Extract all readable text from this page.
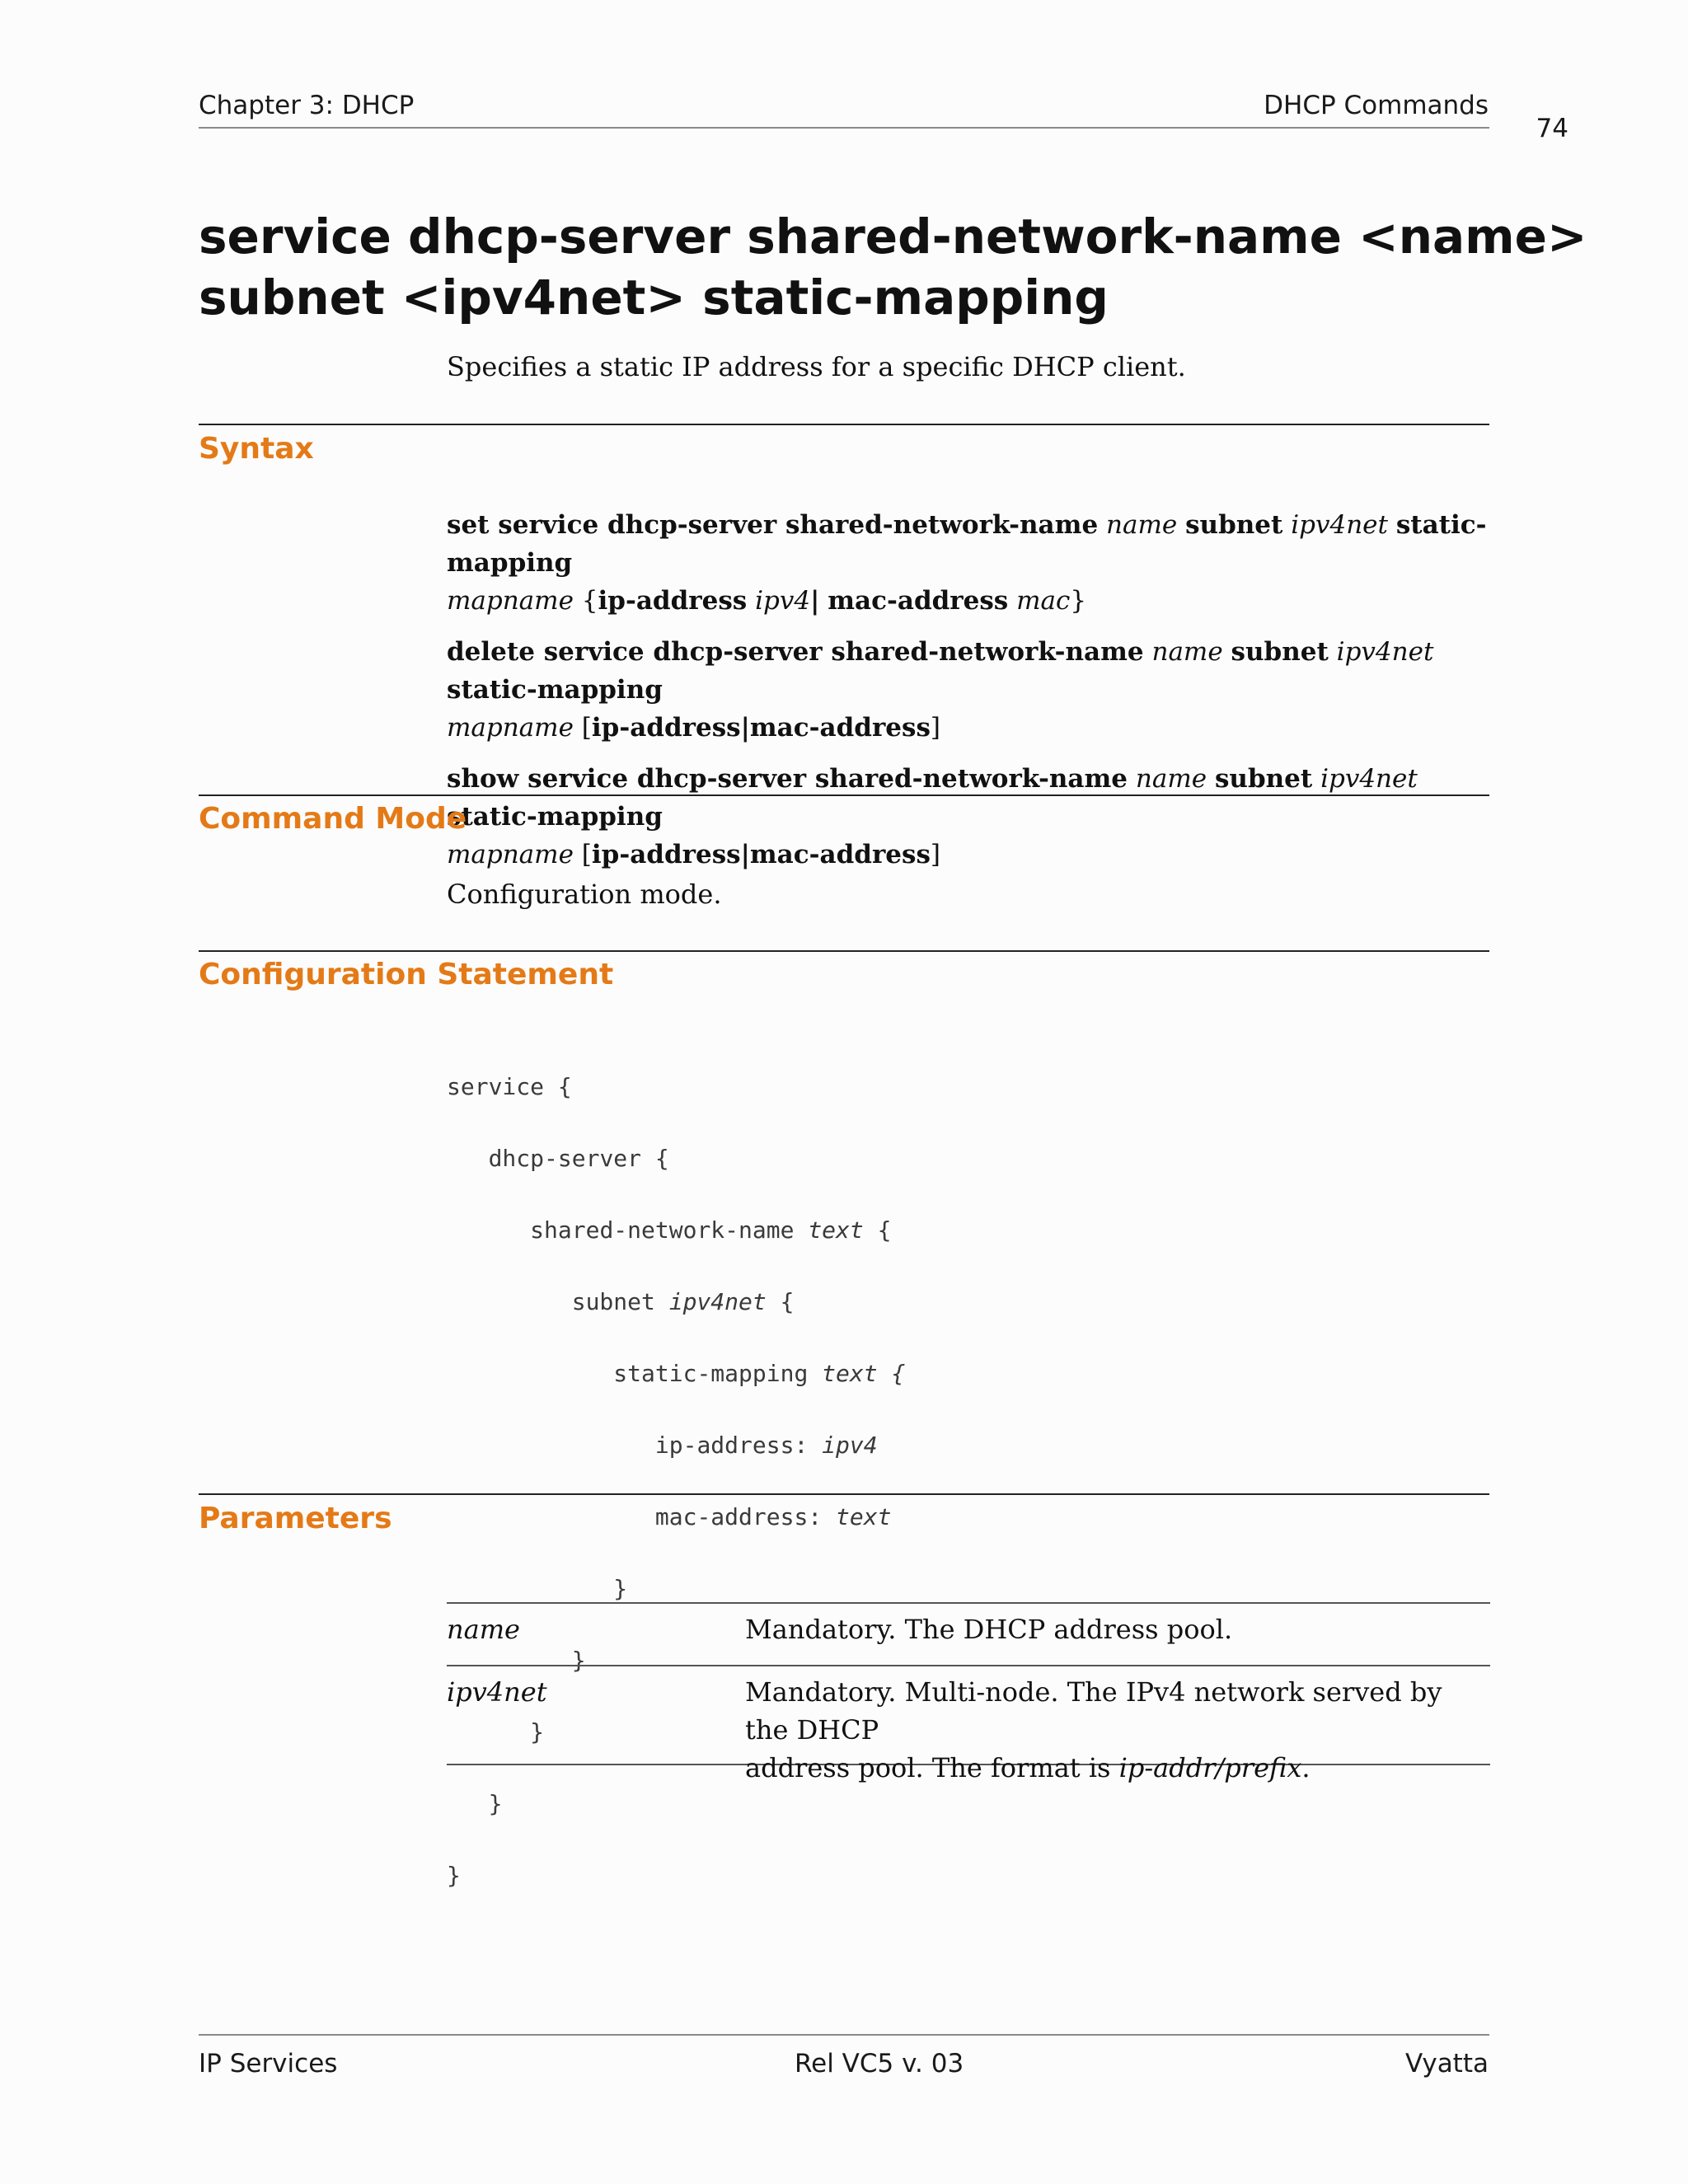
Chapter 3: DHCP	DHCP Commands
74
service dhcp-server shared-network-name <name>
subnet <ipv4net> static-mapping
Specifies a static IP address for a specific DHCP client.
Syntax

set service dhcp-server shared-network-name name subnet ipv4net static-mapping
mapname {ip-address ipv4| mac-address mac}

delete service dhcp-server shared-network-name name subnet ipv4net static-mapping
mapname [ip-address|mac-address]

show service dhcp-server shared-network-name name subnet ipv4net static-mapping
mapname [ip-address|mac-address]

Command Mode
Configuration mode.
Configuration Statement

service {

dhcp-server {

shared-network-name text {

subnet ipv4net {

static-mapping text {

ip-address: ipv4

mac-address: text

}

}

}

}

}

Parameters
name	Mandatory. The DHCP address pool.
ipv4net	Mandatory. Multi-node. The IPv4 network served by the DHCP
address pool. The format is ip-addr/prefix.
IP Services	Rel VC5 v. 03	Vyatta
